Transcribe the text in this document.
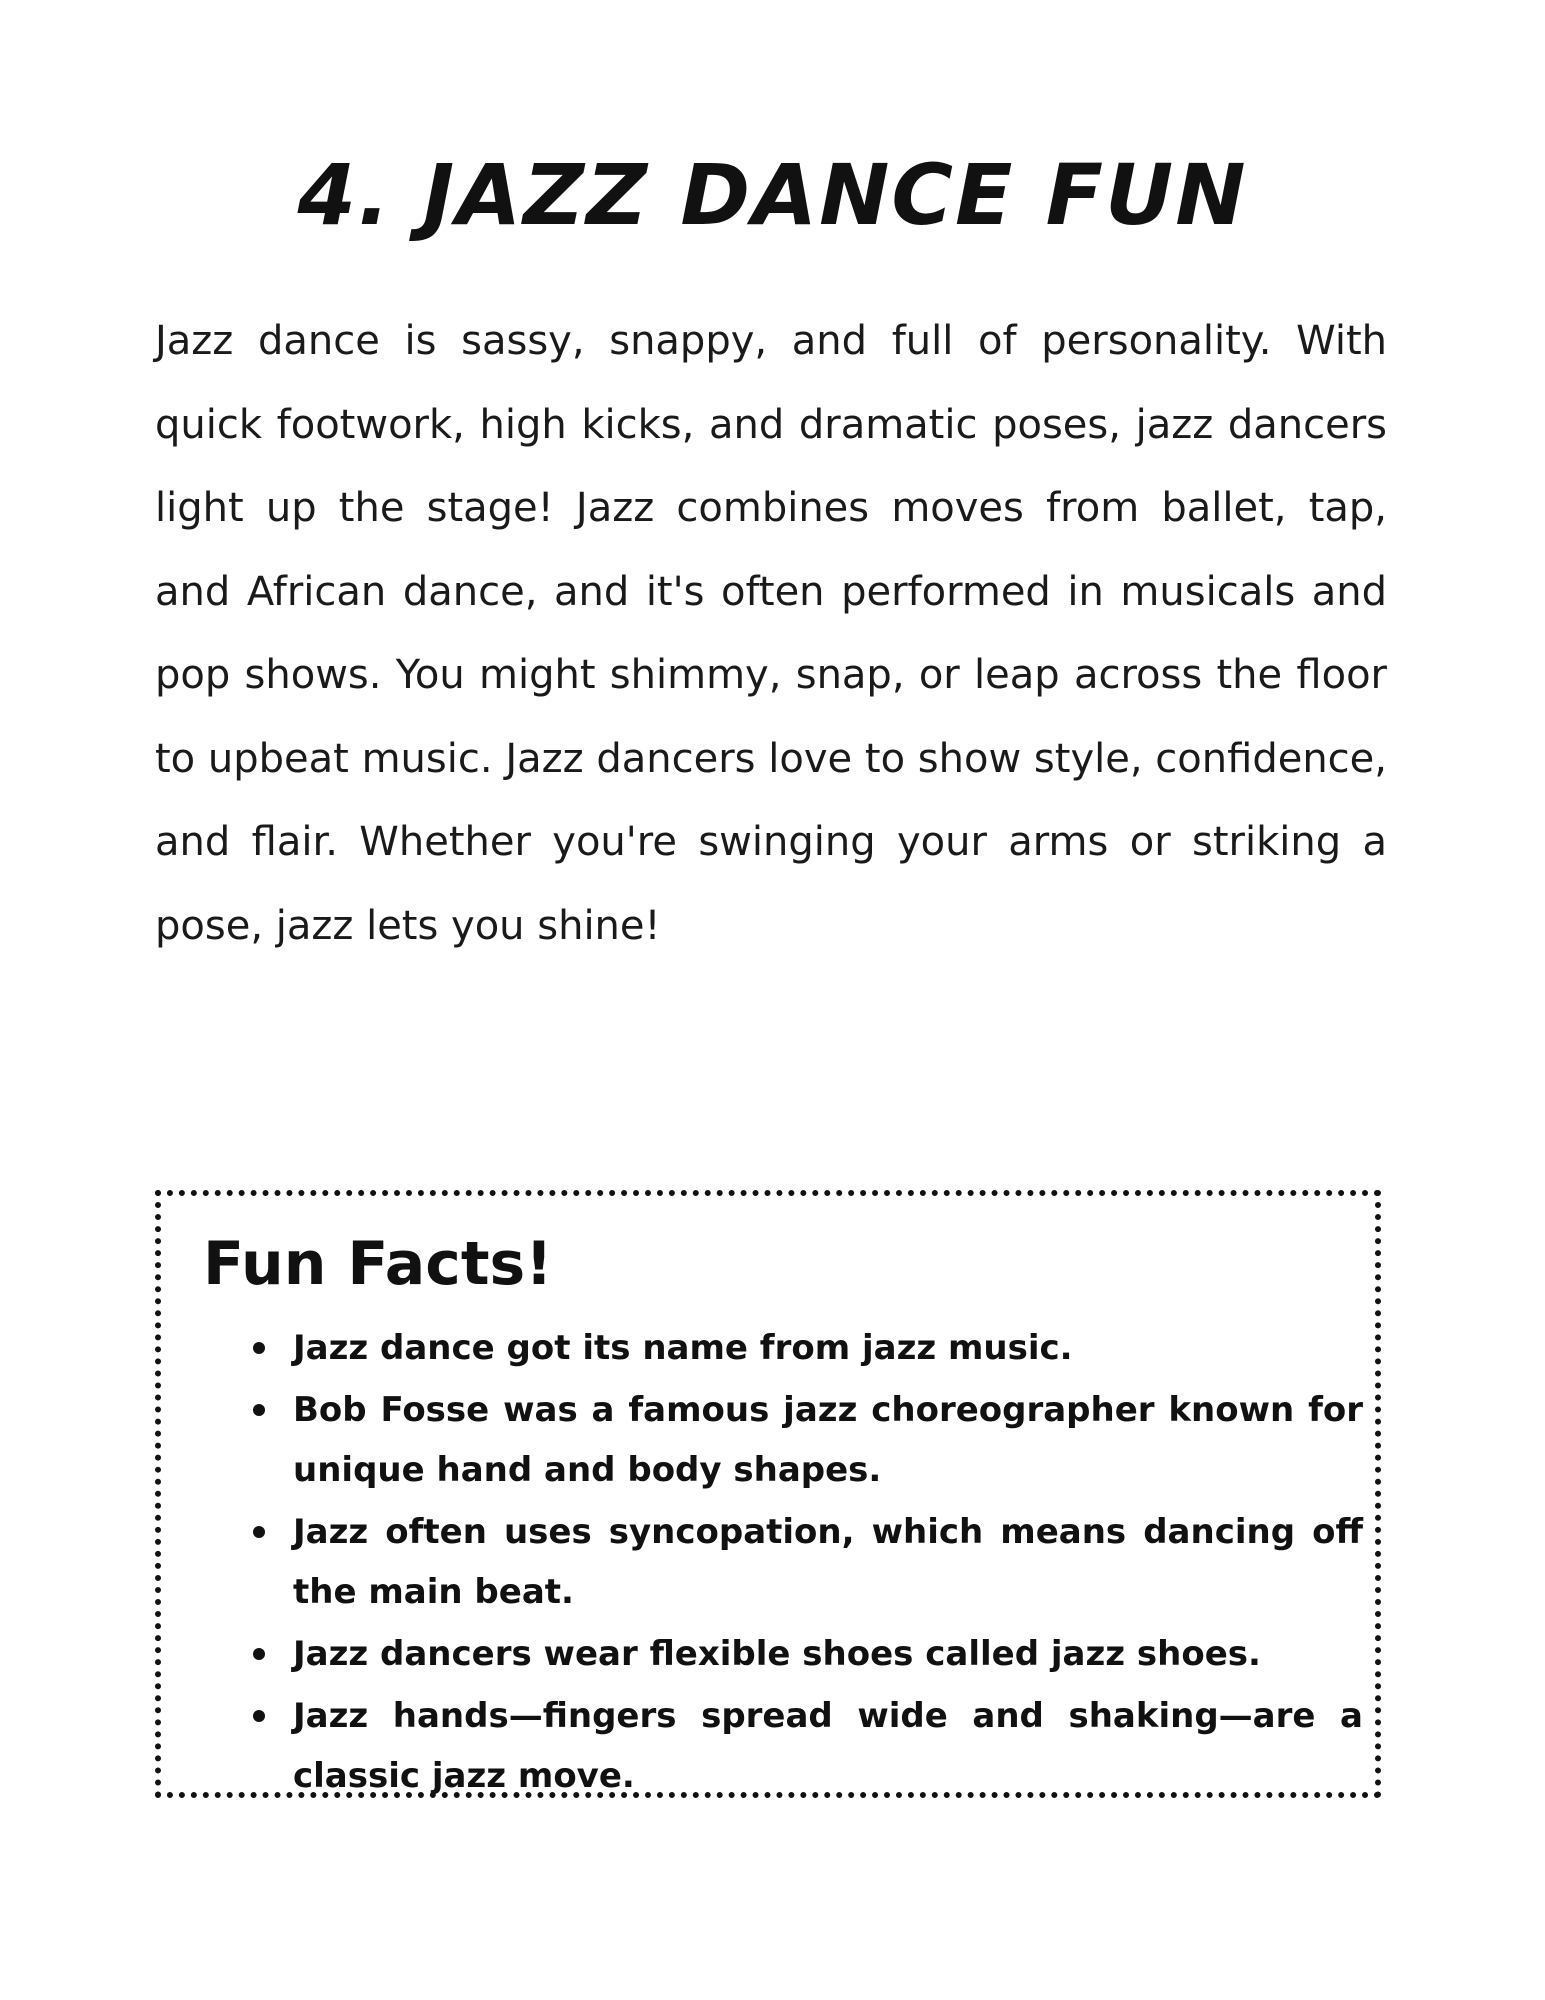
4. JAZZ DANCE FUN

Jazz dance is sassy, snappy, and full of personality. With quick footwork, high kicks, and dramatic poses, jazz dancers light up the stage! Jazz combines moves from ballet, tap, and African dance, and it's often performed in musicals and pop shows. You might shimmy, snap, or leap across the floor to upbeat music. Jazz dancers love to show style, confidence, and flair. Whether you're swinging your arms or striking a pose, jazz lets you shine!

Fun Facts!
• Jazz dance got its name from jazz music.
• Bob Fosse was a famous jazz choreographer known for unique hand and body shapes.
• Jazz often uses syncopation, which means dancing off the main beat.
• Jazz dancers wear flexible shoes called jazz shoes.
• Jazz hands—fingers spread wide and shaking—are a classic jazz move.
